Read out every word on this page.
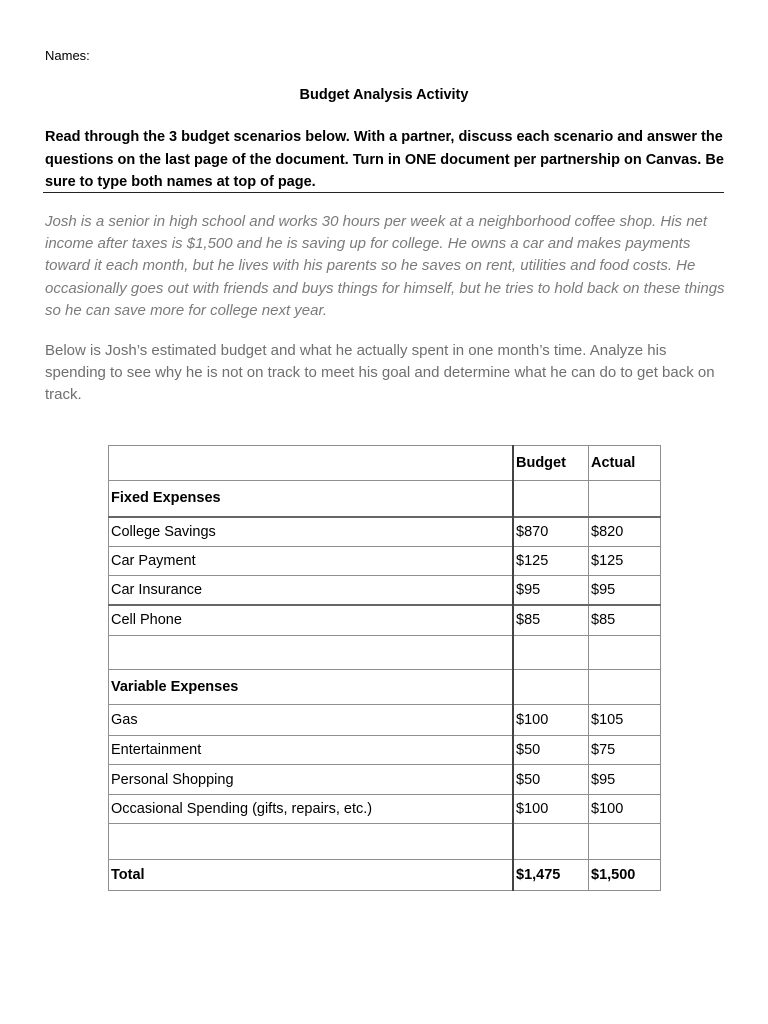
Names:
Budget Analysis Activity
Read through the 3 budget scenarios below. With a partner, discuss each scenario and answer the questions on the last page of the document. Turn in ONE document per partnership on Canvas. Be sure to type both names at top of page.
Josh is a senior in high school and works 30 hours per week at a neighborhood coffee shop. His net income after taxes is $1,500 and he is saving up for college. He owns a car and makes payments toward it each month, but he lives with his parents so he saves on rent, utilities and food costs. He occasionally goes out with friends and buys things for himself, but he tries to hold back on these things so he can save more for college next year.
Below is Josh’s estimated budget and what he actually spent in one month’s time. Analyze his spending to see why he is not on track to meet his goal and determine what he can do to get back on track.
	Budget	Actual
Fixed Expenses		
College Savings	$870	$820
Car Payment	$125	$125
Car Insurance	$95	$95
Cell Phone	$85	$85

Variable Expenses		
Gas	$100	$105
Entertainment	$50	$75
Personal Shopping	$50	$95
Occasional Spending (gifts, repairs, etc.)	$100	$100

Total	$1,475	$1,500
